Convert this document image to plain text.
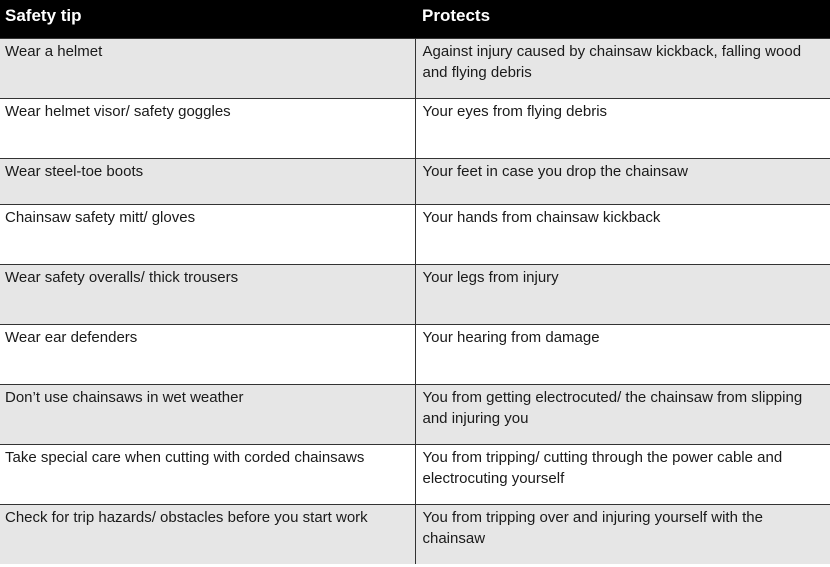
Safety tip	Protects
Wear a helmet	Against injury caused by chainsaw kickback, falling wood and flying debris
Wear helmet visor/ safety goggles	Your eyes from flying debris
Wear steel-toe boots	Your feet in case you drop the chainsaw
Chainsaw safety mitt/ gloves	Your hands from chainsaw kickback
Wear safety overalls/ thick trousers	Your legs from injury
Wear ear defenders	Your hearing from damage
Don’t use chainsaws in wet weather	You from getting electrocuted/ the chainsaw from slipping and injuring you
Take special care when cutting with corded chainsaws	You from tripping/ cutting through the power cable and electrocuting yourself
Check for trip hazards/ obstacles before you start work	You from tripping over and injuring yourself with the chainsaw
